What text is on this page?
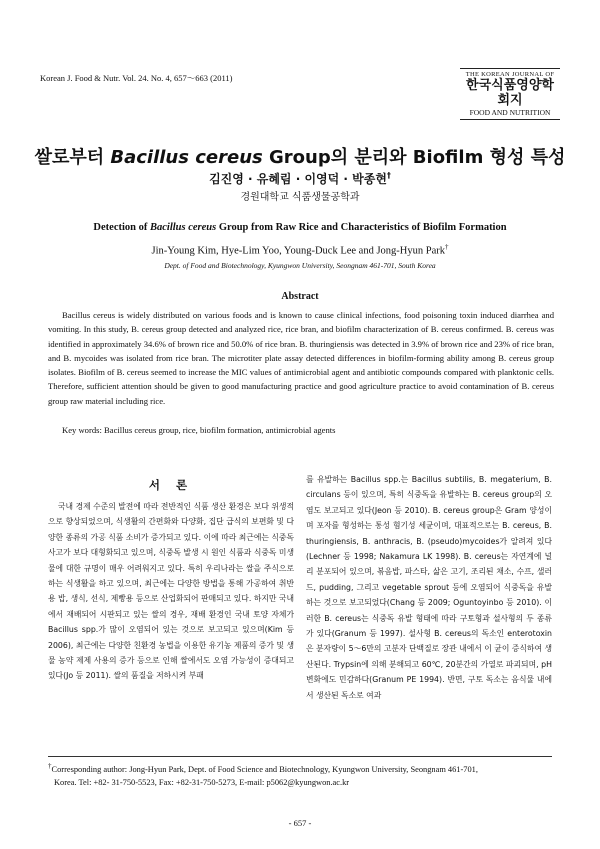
Korean J. Food & Nutr. Vol. 24. No. 4, 657～663 (2011)	THE KOREAN JOURNAL OF
한국식품영양학회지
FOOD AND NUTRITION
쌀로부터 Bacillus cereus Group의 분리와 Biofilm 형성 특성
김진영 · 유혜림 · 이영덕 · 박종현†
경원대학교 식품생물공학과
Detection of Bacillus cereus Group from Raw Rice and Characteristics of Biofilm Formation
Jin-Young Kim, Hye-Lim Yoo, Young-Duck Lee and Jong-Hyun Park†
Dept. of Food and Biotechnology, Kyungwon University, Seongnam 461-701, South Korea
Abstract
Bacillus cereus is widely distributed on various foods and is known to cause clinical infections, food poisoning toxin induced diarrhea and vomiting. In this study, B. cereus group detected and analyzed rice, rice bran, and biofilm characterization of B. cereus confirmed. B. cereus was identified in approximately 34.6% of brown rice and 50.0% of rice bran. B. thuringiensis was detected in 3.9% of brown rice and 23% of rice bran, and B. mycoides was isolated from rice bran. The microtiter plate assay detected differences in biofilm-forming ability among B. cereus group isolates. Biofilm of B. cereus seemed to increase the MIC values of antimicrobial agent and antibiotic compounds compared with planktonic cells. Therefore, sufficient attention should be given to good manufacturing practice and good agriculture practice to avoid contamination of B. cereus group raw material including rice.
Key words: Bacillus cereus group, rice, biofilm formation, antimicrobial agents
서 론
국내 경제 수준의 발전에 따라 전반적인 식품 생산 환경은 보다 위생적으로 향상되었으며, 식생활의 간편화와 다양화, 집단 급식의 보편화 및 다양한 종류의 가공 식품 소비가 증가되고 있다. 이에 따라 최근에는 식중독 사고가 보다 대형화되고 있으며, 식중독 발생 시 원인 식품과 식중독 미생물에 대한 규명이 매우 어려워지고 있다. 특히 우리나라는 쌀을 주식으로 하는 식생활을 하고 있으며, 최근에는 다양한 방법을 통해 가공하여 취반용 밥, 생식, 선식, 제빵용 등으로 산업화되어 판매되고 있다. 하지만 국내에서 재배되어 시판되고 있는 쌀의 경우, 재배 환경인 국내 토양 자체가 Bacillus spp.가 많이 오염되어 있는 것으로 보고되고 있으며(Kim 등 2006), 최근에는 다양한 친환경 농법을 이용한 유기농 제품의 증가 및 생물 농약 제제 사용의 증가 등으로 인해 쌀에서도 오염 가능성이 증대되고 있다(Jo 등 2011). 쌀의 품질을 저하시켜 부패
를 유발하는 Bacillus spp.는 Bacillus subtilis, B. megaterium, B. circulans 등이 있으며, 특히 식중독을 유발하는 B. cereus group의 오염도 보고되고 있다(Jeon 등 2010). B. cereus group은 Gram 양성이며 포자를 형성하는 통성 혐기성 세균이며, 대표적으로는 B. cereus, B. thuringiensis, B. anthracis, B. (pseudo)mycoides가 알려져 있다(Lechner 등 1998; Nakamura LK 1998). B. cereus는 자연계에 널리 분포되어 있으며, 볶음밥, 파스타, 삶은 고기, 조리된 채소, 수프, 샐러드, pudding, 그리고 vegetable sprout 등에 오염되어 식중독을 유발하는 것으로 보고되었다(Chang 등 2009; Oguntoyinbo 등 2010). 이러한 B. cereus는 식중독 유발 형태에 따라 구토형과 설사형의 두 종류가 있다(Granum 등 1997). 설사형 B. cereus의 독소인 enterotoxin은 분자량이 5～6만의 고분자 단백질로 장관 내에서 이 균이 증식하여 생산된다. Trypsin에 의해 분해되고 60℃, 20분간의 가열로 파괴되며, pH 변화에도 민감하다(Granum PE 1994). 반면, 구토 독소는 음식물 내에서 생산된 독소로 여과
†Corresponding author: Jong-Hyun Park, Dept. of Food Science and Biotechnology, Kyungwon University, Seongnam 461-701,
Korea. Tel: +82- 31-750-5523, Fax: +82-31-750-5273, E-mail: p5062@kyungwon.ac.kr
- 657 -
